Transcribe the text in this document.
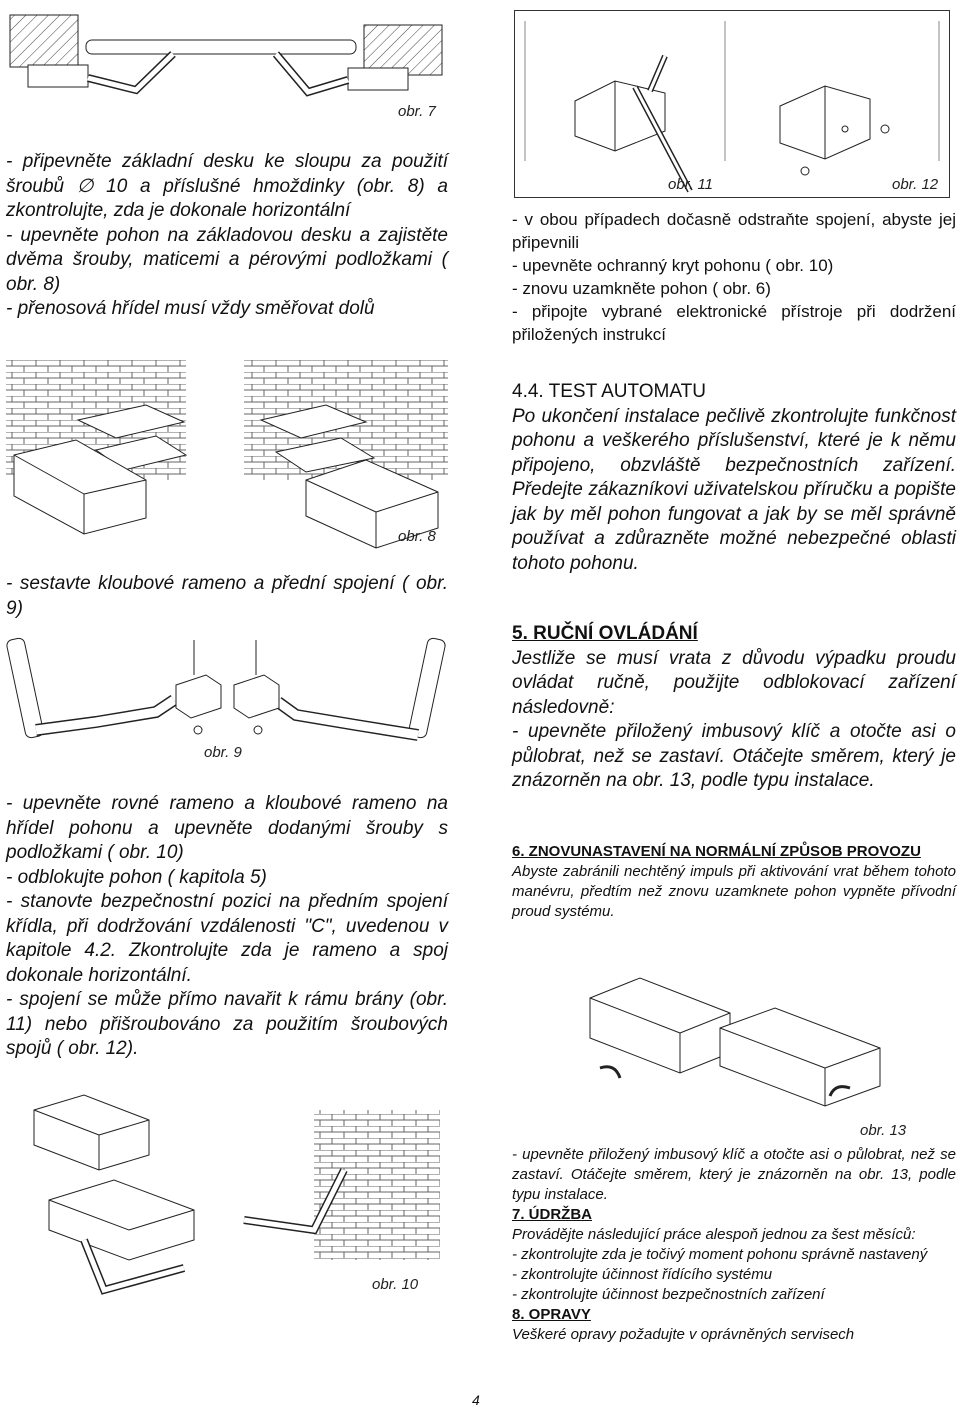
obr. 7
obr. 11	obr. 12

- připevněte základní desku ke sloupu za použití šroubů ∅ 10 a příslušné hmoždinky (obr. 8) a zkontrolujte, zda je dokonale horizontální

- upevněte pohon na základovou desku a zajistěte dvěma šrouby, maticemi a pérovými podložkami ( obr. 8)

- přenosová hřídel musí vždy směřovat dolů

obr. 8

- sestavte kloubové rameno a přední spojení ( obr. 9)

obr. 9

- upevněte rovné rameno a kloubové rameno na hřídel pohonu a upevněte dodanými šrouby s podložkami ( obr. 10)

- odblokujte pohon ( kapitola 5)

- stanovte bezpečnostní pozici na předním spojení křídla, při dodržování vzdálenosti "C", uvedenou v kapitole 4.2. Zkontrolujte zda je rameno a spoj dokonale horizontální.

- spojení se může přímo navařit k rámu brány (obr. 11) nebo přišroubováno za použitím šroubových spojů ( obr. 12).

obr. 10

- v obou případech dočasně odstraňte spojení, abyste jej připevnili

- upevněte ochranný kryt pohonu ( obr. 10)

- znovu uzamkněte pohon ( obr. 6)

- připojte vybrané elektronické přístroje při dodržení přiložených instrukcí

4.4. TEST AUTOMATU

Po ukončení instalace pečlivě zkontrolujte funkčnost pohonu a veškerého příslušenství, které je k němu připojeno, obzvláště bezpečnostních zařízení. Předejte zákazníkovi uživatelskou příručku a popište jak by měl pohon fungovat a jak by se měl správně používat a zdůrazněte možné nebezpečné oblasti tohoto pohonu.

5. RUČNÍ OVLÁDÁNÍ

Jestliže se musí vrata z důvodu výpadku proudu ovládat ručně, použijte odblokovací zařízení následovně:

- upevněte přiložený imbusový klíč a otočte asi o půlobrat, než se zastaví. Otáčejte směrem, který je znázorněn na obr. 13, podle typu instalace.

6. ZNOVUNASTAVENÍ NA NORMÁLNÍ ZPŮSOB PROVOZU

Abyste zabránili nechtěný impuls při aktivování vrat během tohoto manévru, předtím než znovu uzamknete pohon vypněte přívodní proud systému.

obr. 13

- upevněte přiložený imbusový klíč a otočte asi o půlobrat, než se zastaví. Otáčejte směrem, který je znázorněn na obr. 13, podle typu instalace.

7. ÚDRŽBA

Provádějte následující práce alespoň jednou za šest měsíců:

- zkontrolujte zda je točivý moment pohonu správně nastavený

- zkontrolujte účinnost řídícího systému

- zkontrolujte účinnost bezpečnostních zařízení

8. OPRAVY

Veškeré opravy požadujte v oprávněných servisech

4
